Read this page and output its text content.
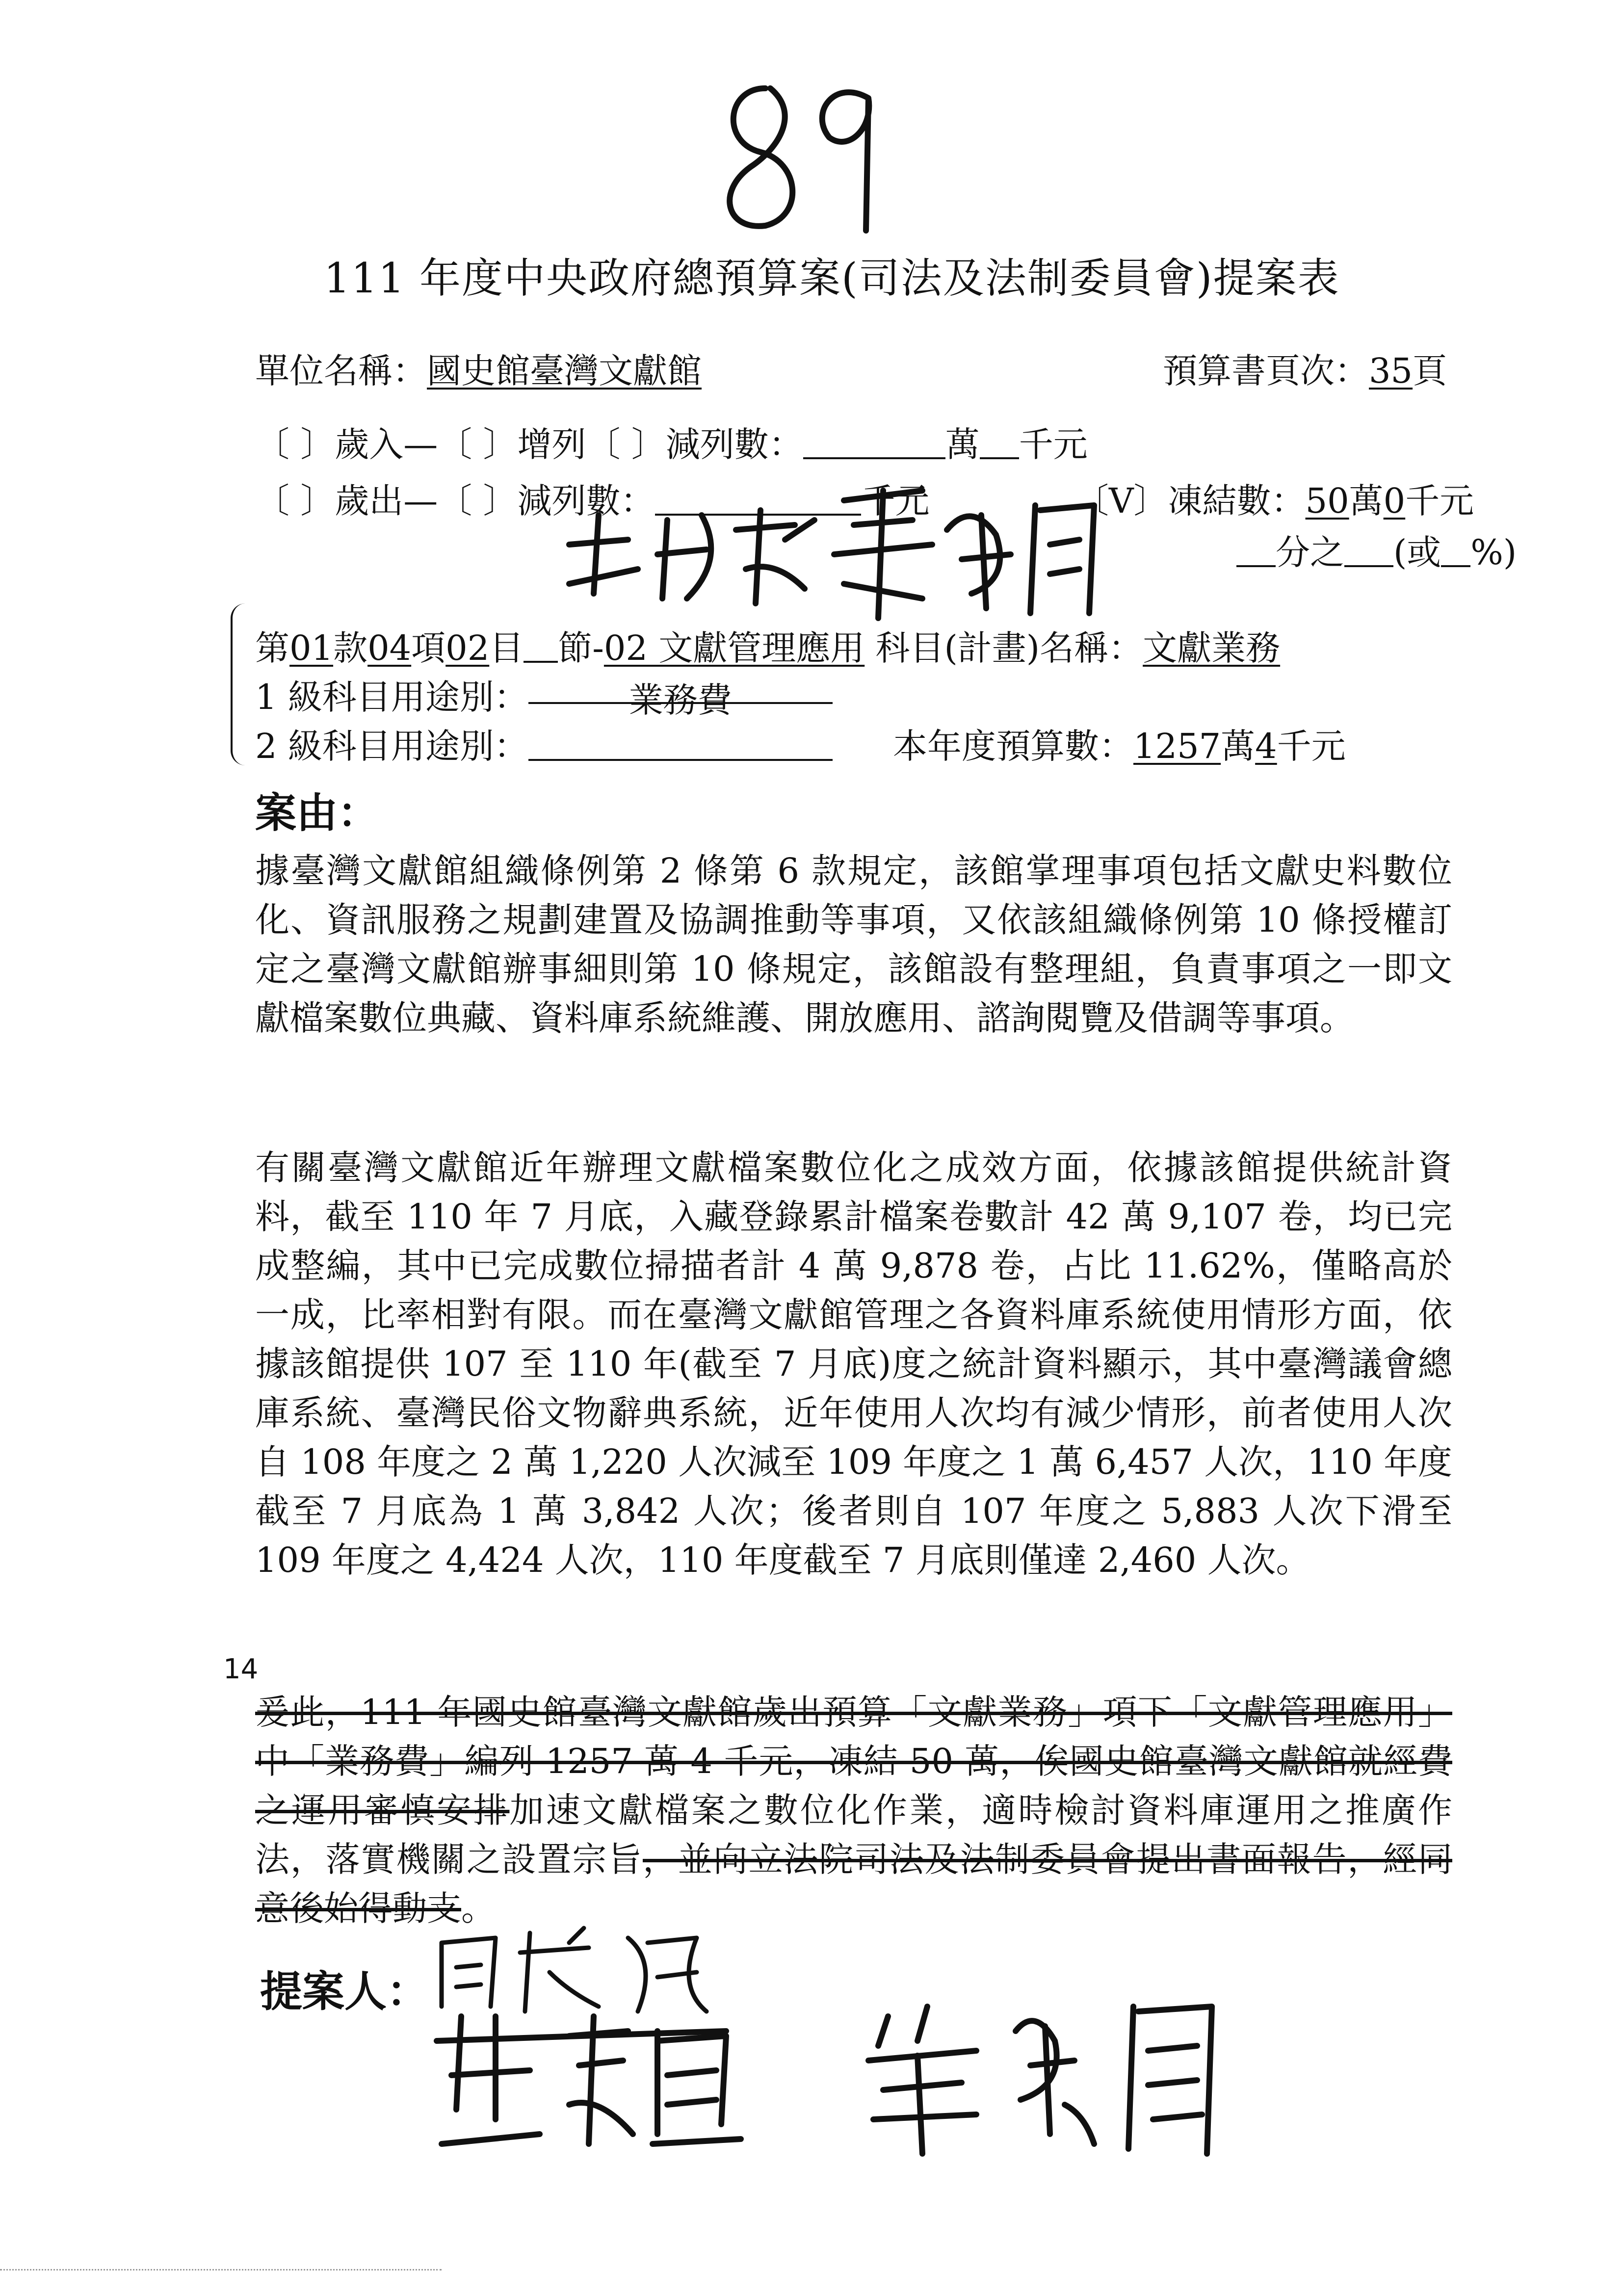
111 年度中央政府總預算案(司法及法制委員會)提案表
單位名稱：國史館臺灣文獻館	預算書頁次：35頁
〔 〕歲入—〔 〕增列〔 〕減列數：	萬 千元
〔 〕歲出—〔 〕減列數：	千元	〔V〕凍結數：50萬0千元
分之 (或 %)
第01款04項02目 節-02 文獻管理應用 科目(計畫)名稱：文獻業務
1 級科目用途別：	業務費
2 級科目用途別：	本年度預算數：1257萬4千元
案由：
據臺灣文獻館組織條例第 2 條第 6 款規定，該館掌理事項包括文獻史料數位化、資訊服務之規劃建置及協調推動等事項，又依該組織條例第 10 條授權訂定之臺灣文獻館辦事細則第 10 條規定，該館設有整理組，負責事項之一即文獻檔案數位典藏、資料庫系統維護、開放應用、諮詢閱覽及借調等事項。
有關臺灣文獻館近年辦理文獻檔案數位化之成效方面，依據該館提供統計資料，截至 110 年 7 月底，入藏登錄累計檔案卷數計 42 萬 9,107 卷，均已完成整編，其中已完成數位掃描者計 4 萬 9,878 卷，占比 11.62%，僅略高於一成，比率相對有限。而在臺灣文獻館管理之各資料庫系統使用情形方面，依據該館提供 107 至 110 年(截至 7 月底)度之統計資料顯示，其中臺灣議會總庫系統、臺灣民俗文物辭典系統，近年使用人次均有減少情形，前者使用人次自 108 年度之 2 萬 1,220 人次減至 109 年度之 1 萬 6,457 人次，110 年度截至 7 月底為 1 萬 3,842 人次；後者則自 107 年度之 5,883 人次下滑至 109 年度之 4,424 人次，110 年度截至 7 月底則僅達 2,460 人次。
爰此，111 年國史館臺灣文獻館歲出預算「文獻業務」項下「文獻管理應用」中「業務費」編列 1257 萬 4 千元，凍結 50 萬，俟國史館臺灣文獻館就經費之運用審慎安排加速文獻檔案之數位化作業，適時檢討資料庫運用之推廣作法，落實機關之設置宗旨，並向立法院司法及法制委員會提出書面報告，經同意後始得動支。
14
提案人：
